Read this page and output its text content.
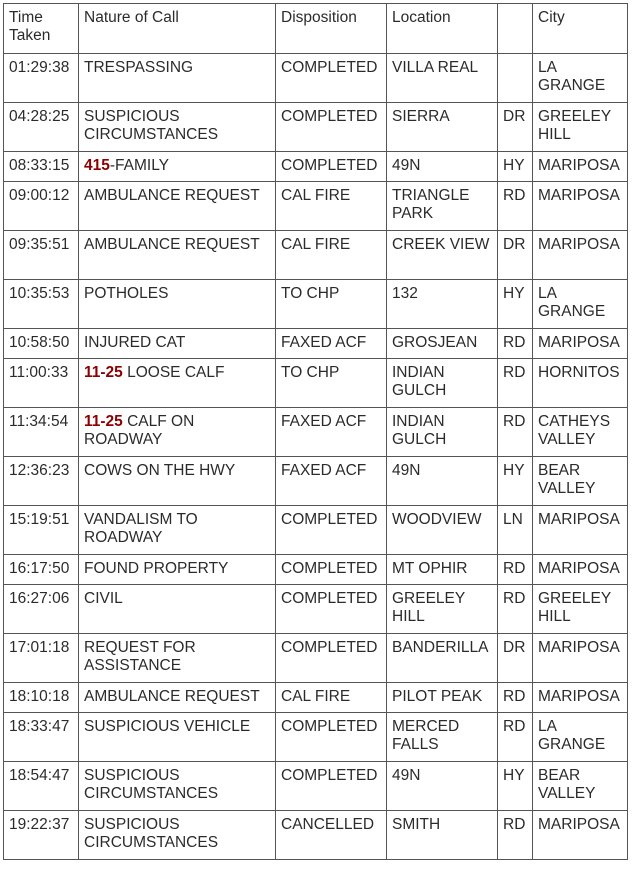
Time Taken	Nature of Call	Disposition	Location		City
01:29:38	TRESPASSING	COMPLETED	VILLA REAL		LA GRANGE
04:28:25	SUSPICIOUS CIRCUMSTANCES	COMPLETED	SIERRA	DR	GREELEY HILL
08:33:15	415-FAMILY	COMPLETED	49N	HY	MARIPOSA
09:00:12	AMBULANCE REQUEST	CAL FIRE	TRIANGLE PARK	RD	MARIPOSA
09:35:51	AMBULANCE REQUEST	CAL FIRE	CREEK VIEW	DR	MARIPOSA
10:35:53	POTHOLES	TO CHP	132	HY	LA GRANGE
10:58:50	INJURED CAT	FAXED ACF	GROSJEAN	RD	MARIPOSA
11:00:33	11-25 LOOSE CALF	TO CHP	INDIAN GULCH	RD	HORNITOS
11:34:54	11-25 CALF ON ROADWAY	FAXED ACF	INDIAN GULCH	RD	CATHEYS VALLEY
12:36:23	COWS ON THE HWY	FAXED ACF	49N	HY	BEAR VALLEY
15:19:51	VANDALISM TO ROADWAY	COMPLETED	WOODVIEW	LN	MARIPOSA
16:17:50	FOUND PROPERTY	COMPLETED	MT OPHIR	RD	MARIPOSA
16:27:06	CIVIL	COMPLETED	GREELEY HILL	RD	GREELEY HILL
17:01:18	REQUEST FOR ASSISTANCE	COMPLETED	BANDERILLA	DR	MARIPOSA
18:10:18	AMBULANCE REQUEST	CAL FIRE	PILOT PEAK	RD	MARIPOSA
18:33:47	SUSPICIOUS VEHICLE	COMPLETED	MERCED FALLS	RD	LA GRANGE
18:54:47	SUSPICIOUS CIRCUMSTANCES	COMPLETED	49N	HY	BEAR VALLEY
19:22:37	SUSPICIOUS CIRCUMSTANCES	CANCELLED	SMITH	RD	MARIPOSA
